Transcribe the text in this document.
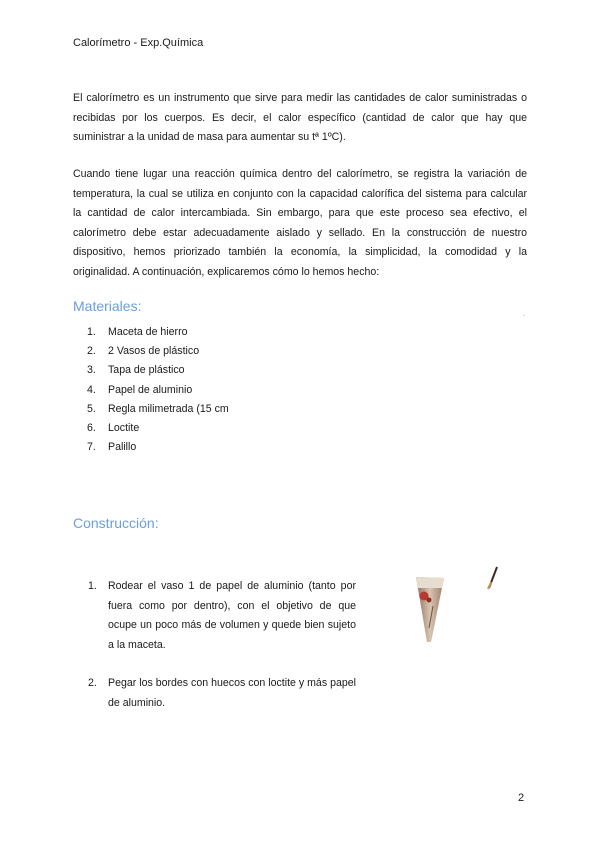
Calorímetro - Exp.Química

El calorímetro es un instrumento que sirve para medir las cantidades de calor suministradas o recibidas por los cuerpos. Es decir, el calor específico (cantidad de calor que hay que suministrar a la unidad de masa para aumentar su tª 1ºC).

Cuando tiene lugar una reacción química dentro del calorímetro, se registra la variación de temperatura, la cual se utiliza en conjunto con la capacidad calorífica del sistema para calcular la cantidad de calor intercambiada. Sin embargo, para que este proceso sea efectivo, el calorímetro debe estar adecuadamente aislado y sellado. En la construcción de nuestro dispositivo, hemos priorizado también la economía, la simplicidad, la comodidad y la originalidad. A continuación, explicaremos cómo lo hemos hecho:

Materiales:
1. Maceta de hierro
2. 2 Vasos de plástico
3. Tapa de plástico
4. Papel de aluminio
5. Regla milimetrada (15 cm
6. Loctite
7. Palillo
Construcción:
1. Rodear el vaso 1 de papel de aluminio (tanto por fuera como por dentro), con el objetivo de que ocupe un poco más de volumen y quede bien sujeto a la maceta.
2. Pegar los bordes con huecos con loctite y más papel de aluminio.
2
